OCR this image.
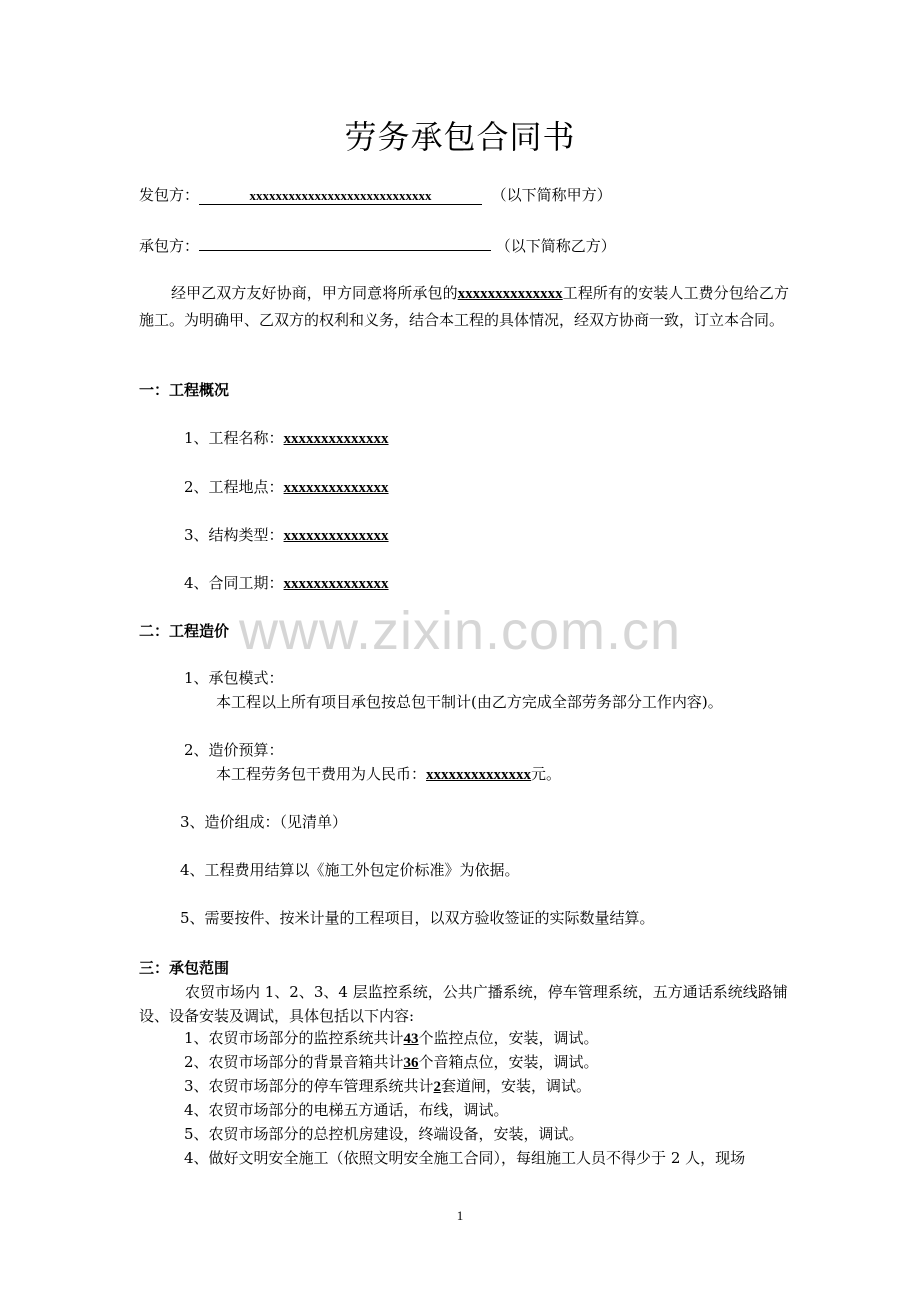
劳务承包合同书
发包方：	xxxxxxxxxxxxxxxxxxxxxxxxxxxx	（以下简称甲方）
承包方：	（以下简称乙方）
经甲乙双方友好协商，甲方同意将所承包的xxxxxxxxxxxxxx工程所有的安装人工费分包给乙方施工。为明确甲、乙双方的权利和义务，结合本工程的具体情况，经双方协商一致，订立本合同。
一：工程概况
1、工程名称：xxxxxxxxxxxxxx
2、工程地点：xxxxxxxxxxxxxx
3、结构类型：xxxxxxxxxxxxxx
4、合同工期：xxxxxxxxxxxxxx
二：工程造价
1、承包模式：
本工程以上所有项目承包按总包干制计(由乙方完成全部劳务部分工作内容)。
2、造价预算：
本工程劳务包干费用为人民币：xxxxxxxxxxxxxx元。
3、造价组成：（见清单）
4、工程费用结算以《施工外包定价标准》为依据。
5、需要按件、按米计量的工程项目，以双方验收签证的实际数量结算。
三：承包范围
农贸市场内 1、2、3、4 层监控系统，公共广播系统，停车管理系统，五方通话系统线路铺设、设备安装及调试，具体包括以下内容:
1、农贸市场部分的监控系统共计43个监控点位，安装，调试。
2、农贸市场部分的背景音箱共计36个音箱点位，安装，调试。
3、农贸市场部分的停车管理系统共计2套道闸，安装，调试。
4、农贸市场部分的电梯五方通话，布线，调试。
5、农贸市场部分的总控机房建设，终端设备，安装，调试。
4、做好文明安全施工（依照文明安全施工合同），每组施工人员不得少于 2 人，现场
www.zixin.com.cn
1
